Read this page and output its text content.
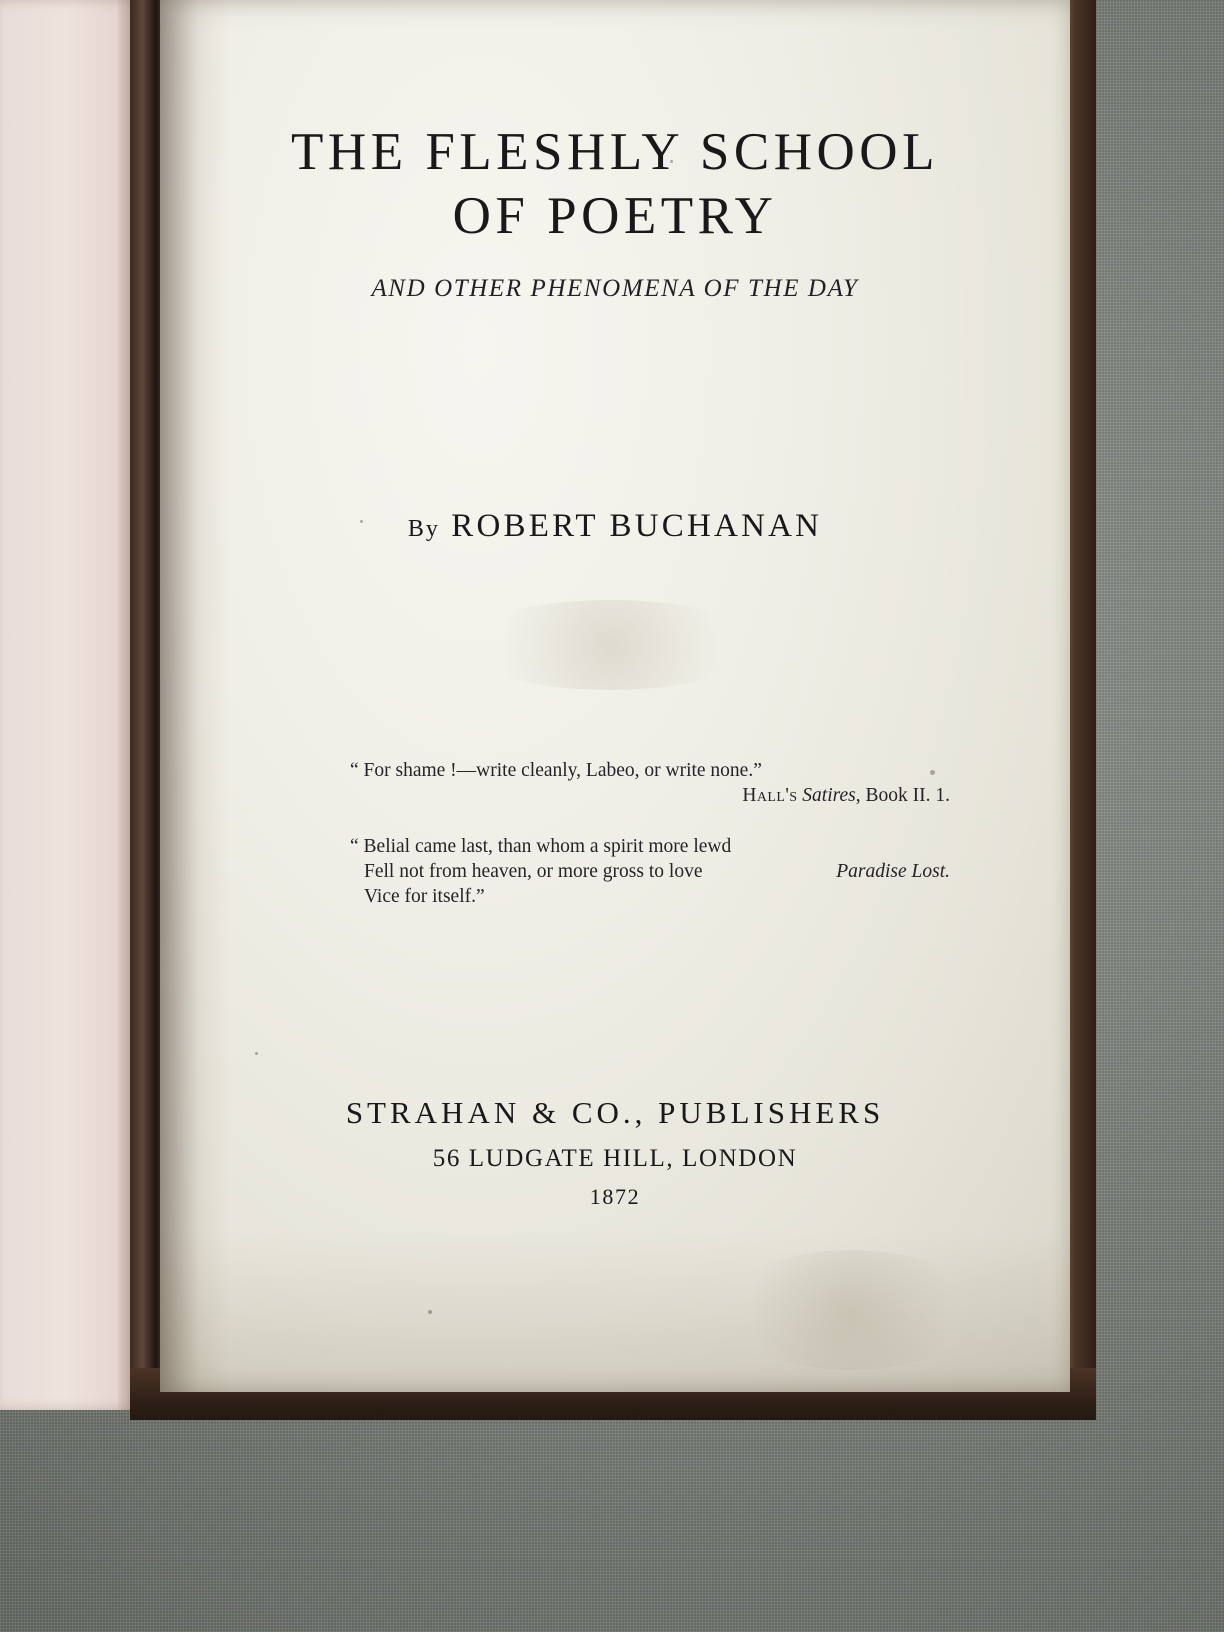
THE FLESHLY SCHOOL
OF POETRY
AND OTHER PHENOMENA OF THE DAY
By ROBERT BUCHANAN
“ For shame !—write cleanly, Labeo, or write none.”
Hall's Satires, Book II. 1.
“ Belial came last, than whom a spirit more lewd
Fell not from heaven, or more gross to love
Vice for itself.”
Paradise Lost.
STRAHAN & CO., PUBLISHERS
56 LUDGATE HILL, LONDON
1872
